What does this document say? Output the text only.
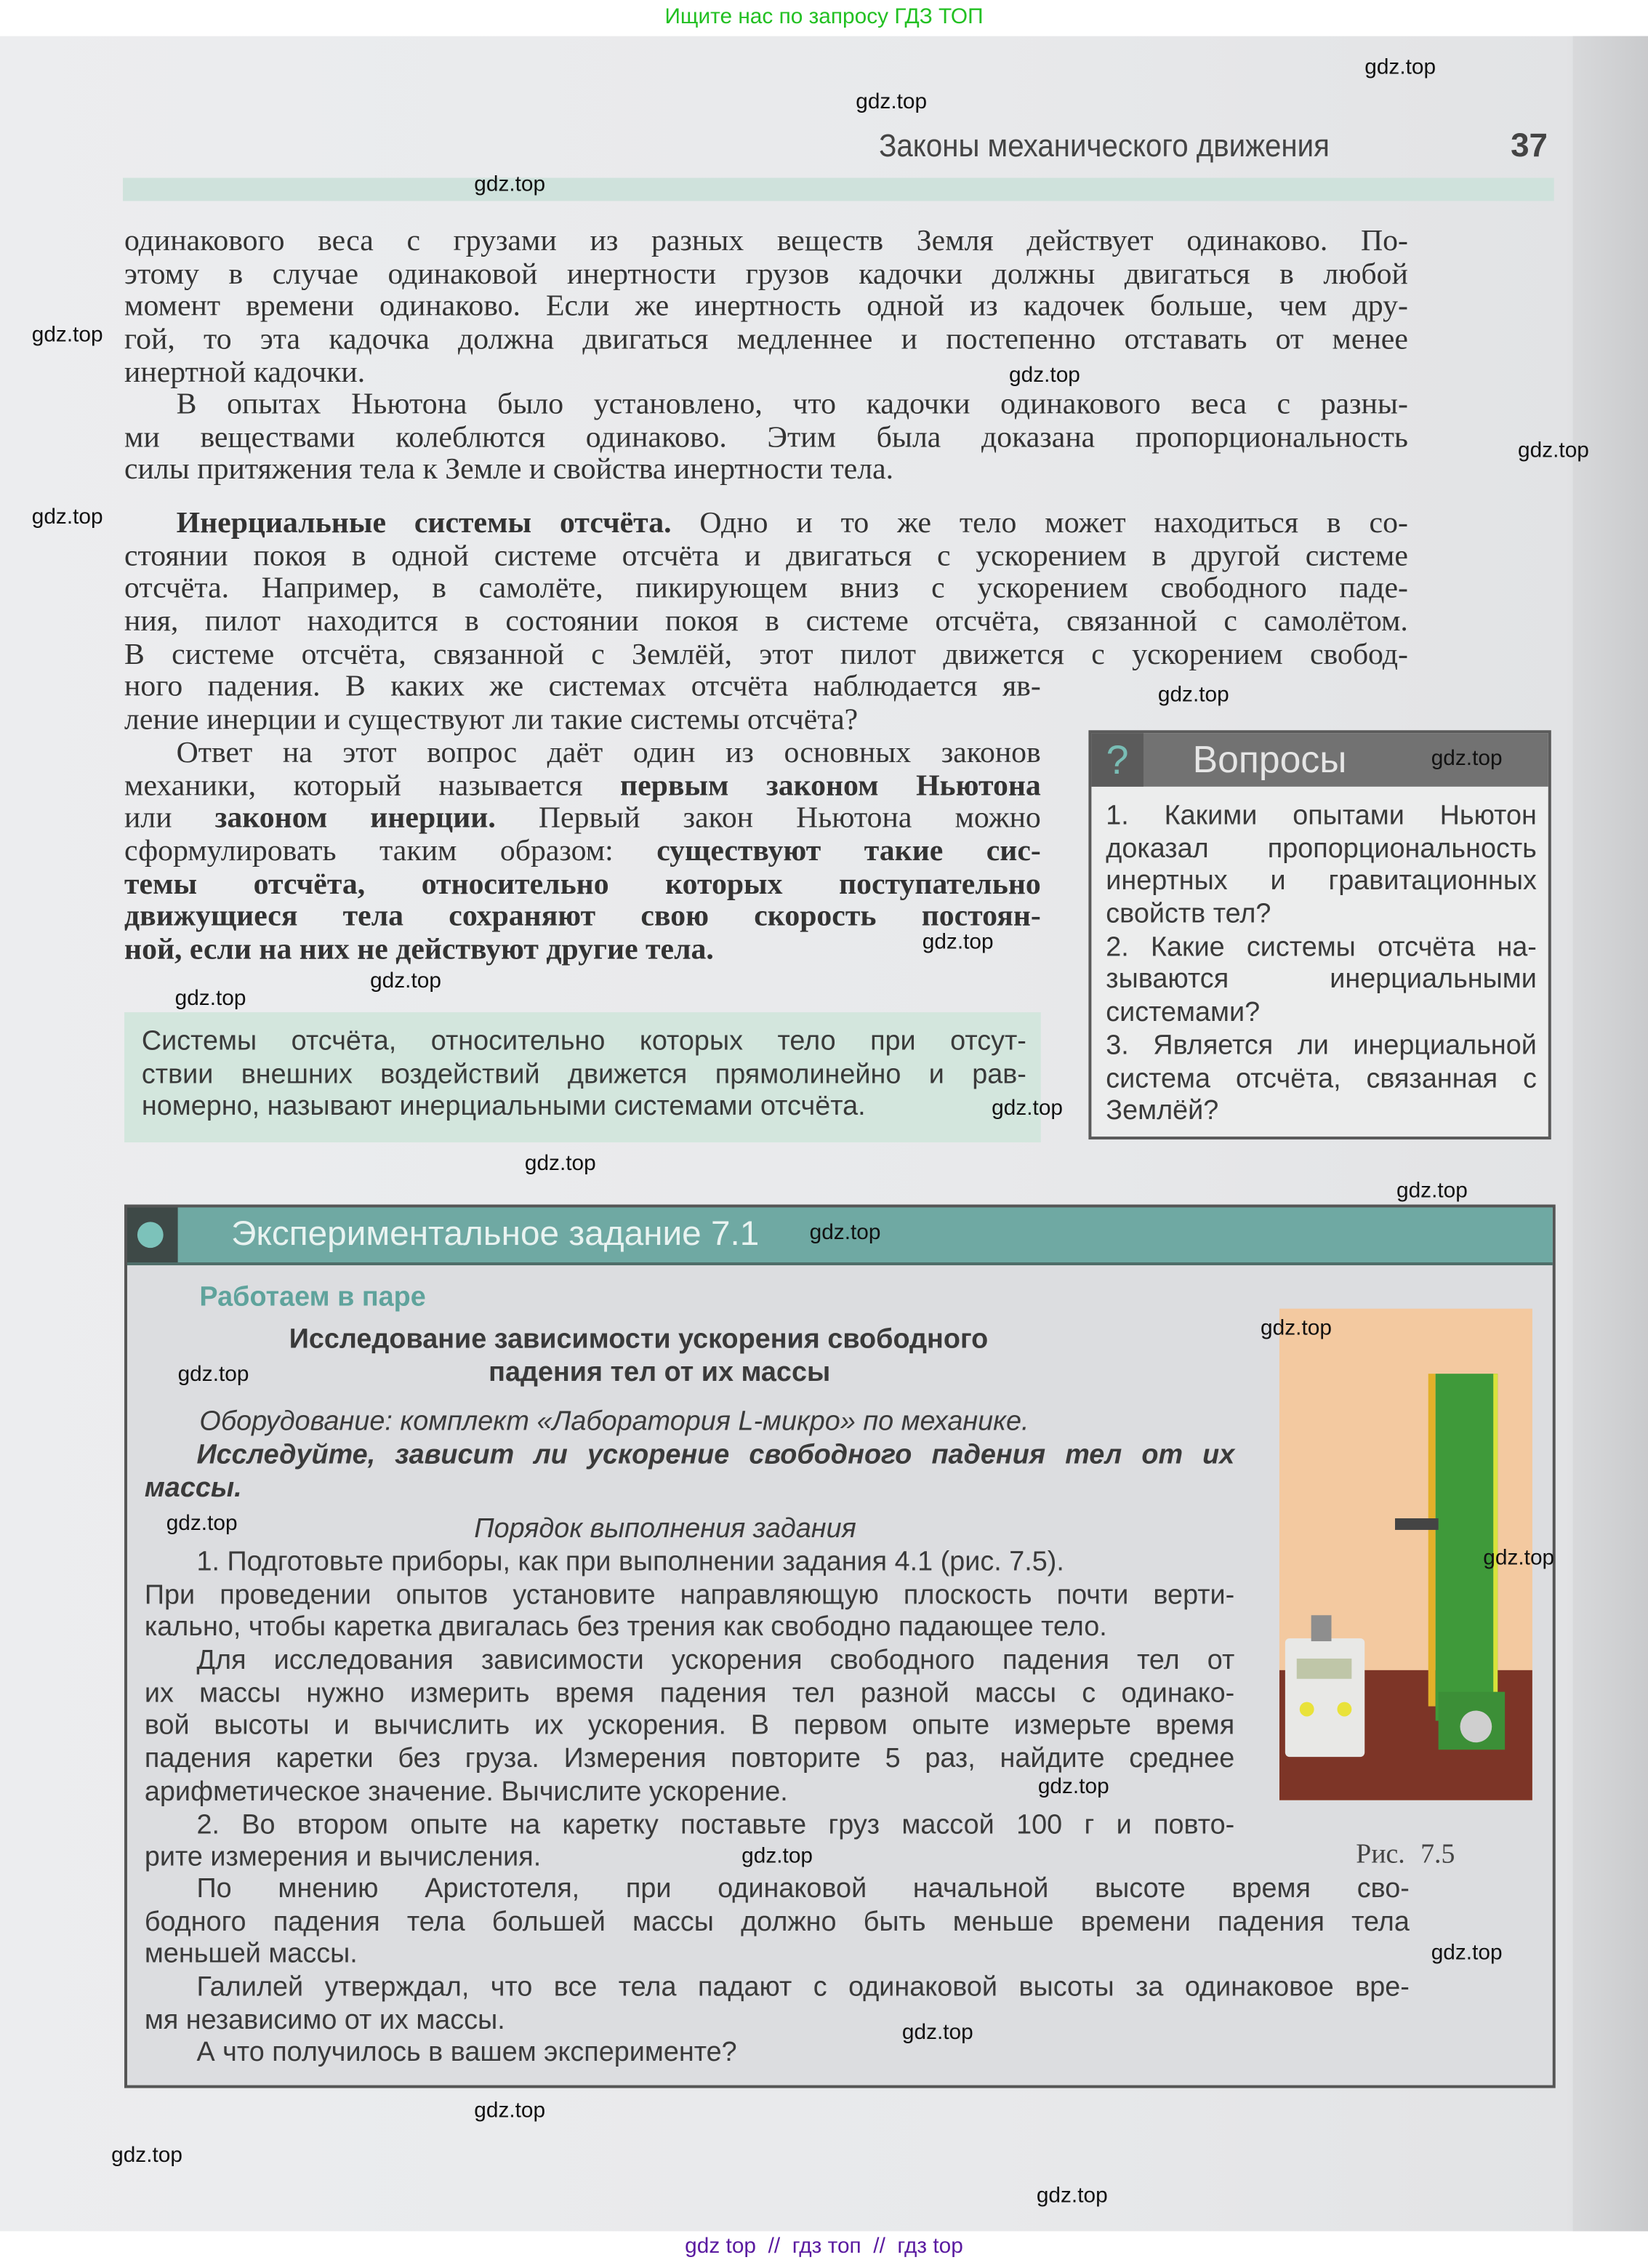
Ищите нас по запросу ГДЗ ТОП
Законы механического движения	37
одинакового веса с грузами из разных веществ Земля действует одинаково. По-
этому в случае одинаковой инертности грузов кадочки должны двигаться в любой
момент времени одинаково. Если же инертность одной из кадочек больше, чем дру-
гой, то эта кадочка должна двигаться медленнее и постепенно отставать от менее
инертной кадочки.
В опытах Ньютона было установлено, что кадочки одинакового веса с разны-
ми веществами колеблются одинаково. Этим была доказана пропорциональность
силы притяжения тела к Земле и свойства инертности тела.
Инерциальные системы отсчёта. Одно и то же тело может находиться в со-
стоянии покоя в одной системе отсчёта и двигаться с ускорением в другой системе
отсчёта. Например, в самолёте, пикирующем вниз с ускорением свободного паде-
ния, пилот находится в состоянии покоя в системе отсчёта, связанной с самолётом.
В системе отсчёта, связанной с Землёй, этот пилот движется с ускорением свобод-
ного падения. В каких же системах отсчёта наблюдается яв-
ление инерции и существуют ли такие системы отсчёта?
Ответ на этот вопрос даёт один из основных законов
механики, который называется первым законом Ньютона
или законом инерции. Первый закон Ньютона можно
сформулировать таким образом: существуют такие сис-
темы отсчёта, относительно которых поступательно
движущиеся тела сохраняют свою скорость постоян-
ной, если на них не действуют другие тела.
Системы отсчёта, относительно которых тело при отсут-
ствии внешних воздействий движется прямолинейно и рав-
номерно, называют инерциальными системами отсчёта.
?	Вопросы
1. Какими опытами Ньютон
доказал пропорциональность
инертных и гравитационных
свойств тел?
2. Какие системы отсчёта на-
зываются инерциальными
системами?
3. Является ли инерциальной
система отсчёта, связанная с
Землёй?
Экспериментальное задание 7.1
Работаем в паре
Исследование зависимости ускорения свободного
падения тел от их массы
Оборудование: комплект «Лаборатория L-микро» по механике.
Исследуйте, зависит ли ускорение свободного падения тел от их
массы.
Порядок выполнения задания
1. Подготовьте приборы, как при выполнении задания 4.1 (рис. 7.5).
При проведении опытов установите направляющую плоскость почти верти-
кально, чтобы каретка двигалась без трения как свободно падающее тело.
Для исследования зависимости ускорения свободного падения тел от
их массы нужно измерить время падения тел разной массы с одинако-
вой высоты и вычислить их ускорения. В первом опыте измерьте время
падения каретки без груза. Измерения повторите 5 раз, найдите среднее
арифметическое значение. Вычислите ускорение.
2. Во втором опыте на каретку поставьте груз массой 100 г и повто-
рите измерения и вычисления.
По мнению Аристотеля, при одинаковой начальной высоте время сво-
бодного падения тела большей массы должно быть меньше времени падения тела
меньшей массы.
Галилей утверждал, что все тела падают с одинаковой высоты за одинаковое вре-
мя независимо от их массы.
А что получилось в вашем эксперименте?
Рис. 7.5
gdz.top
gdz.top
gdz.top
gdz.top
gdz.top
gdz.top
gdz.top
gdz.top
gdz.top
gdz.top
gdz.top
gdz.top
gdz.top
gdz.top
gdz.top
gdz.top
gdz.top
gdz.top
gdz.top
gdz.top
gdz.top
gdz.top
gdz.top
gdz.top
gdz.top
gdz.top
gdz.top
gdz top  //  гдз топ  //  гдз top
